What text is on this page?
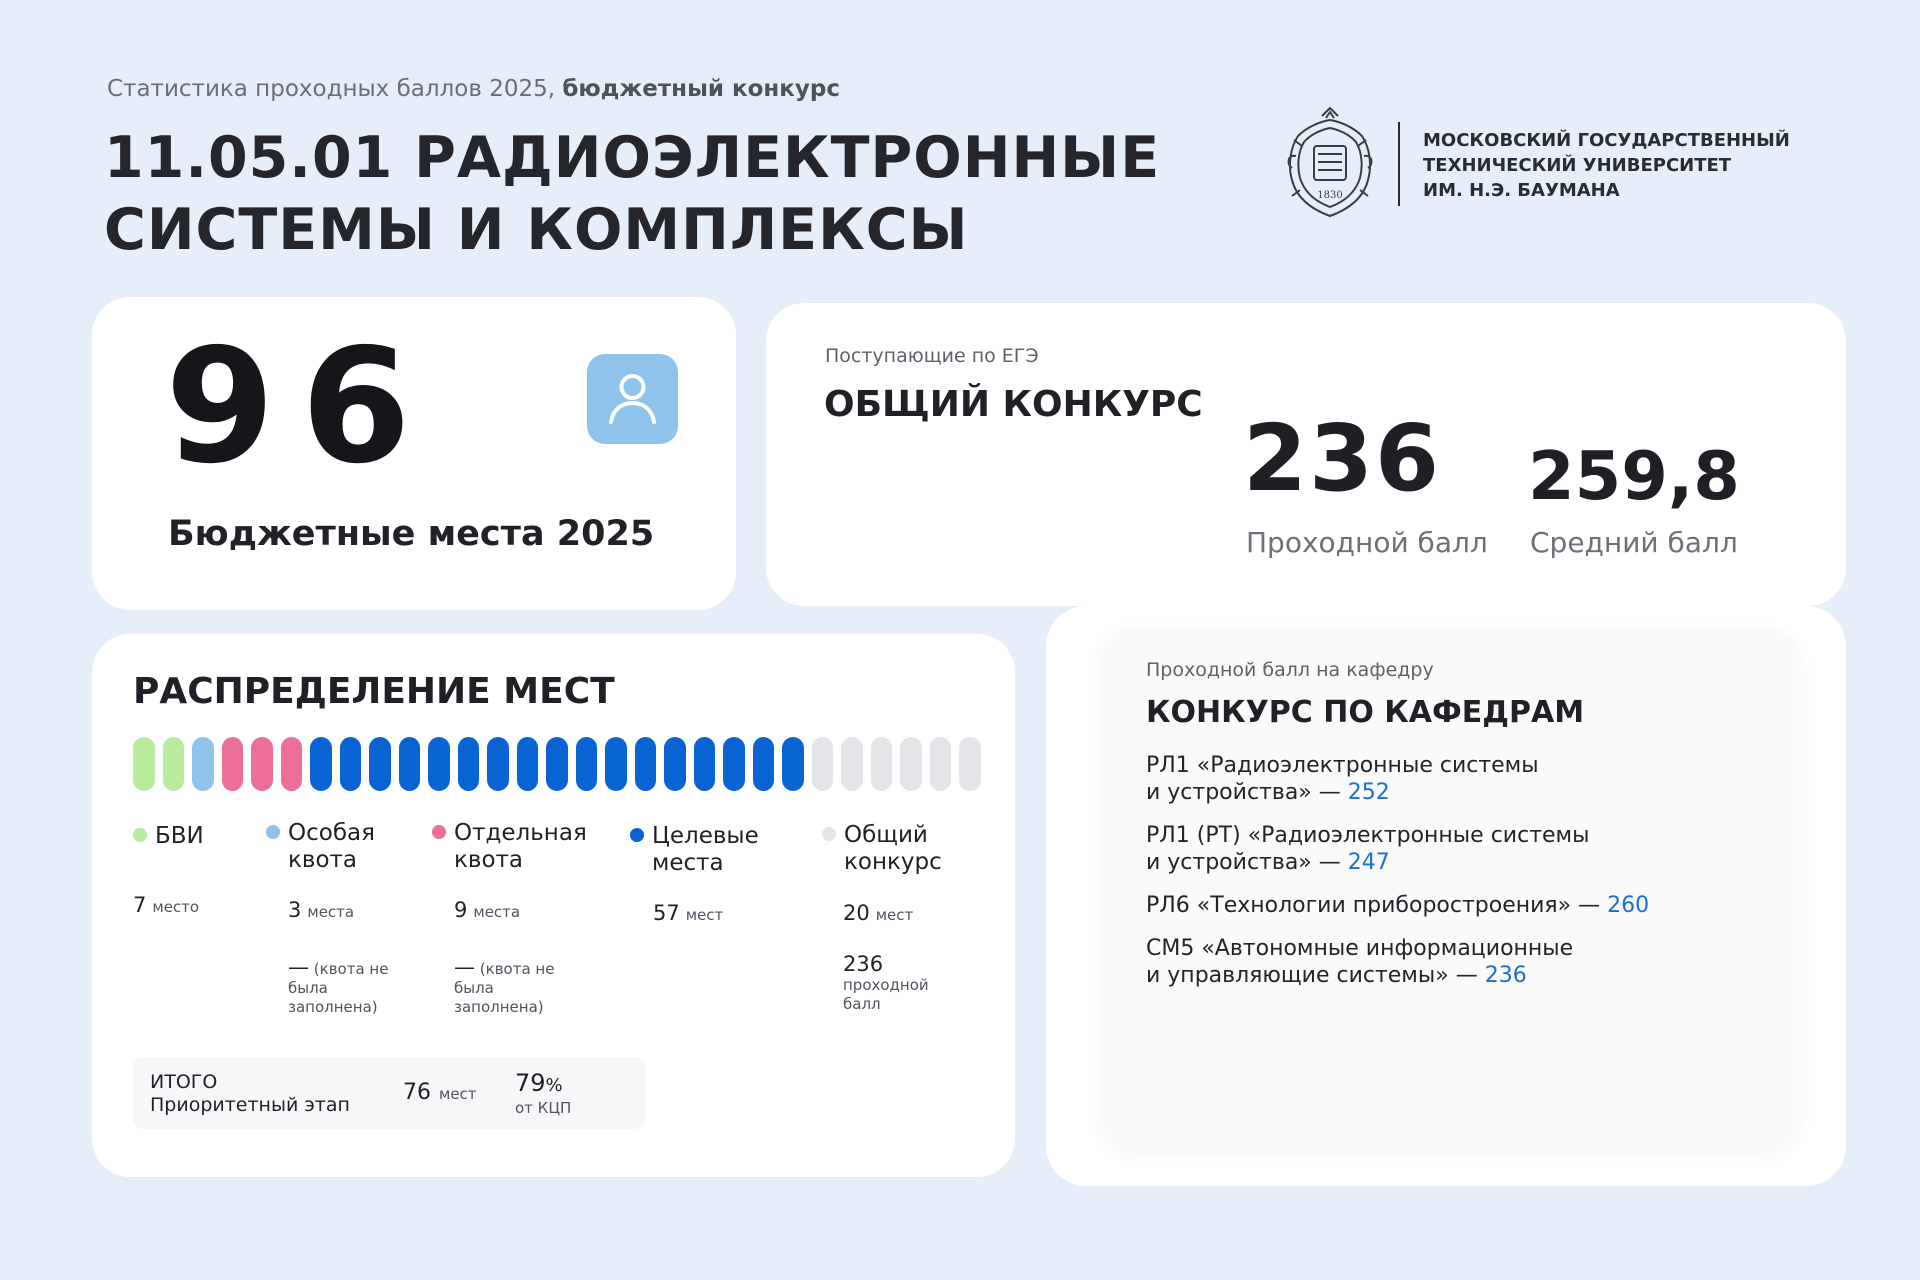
Статистика проходных баллов 2025, бюджетный конкурс
11.05.01 РАДИОЭЛЕКТРОННЫЕ
СИСТЕМЫ И КОМПЛЕКСЫ
1830
МОСКОВСКИЙ ГОСУДАРСТВЕННЫЙ
ТЕХНИЧЕСКИЙ УНИВЕРСИТЕТ
ИМ. Н.Э. БАУМАНА
96
Бюджетные места 2025
Поступающие по ЕГЭ
ОБЩИЙ КОНКУРС
236 259,8
Проходной балл Средний балл
Проходной балл на кафедру
КОНКУРС ПО КАФЕДРАМ
РЛ1 «Радиоэлектронные системы
и устройства» — 252
РЛ1 (РТ) «Радиоэлектронные системы
и устройства» — 247
РЛ6 «Технологии приборостроения» — 260
СМ5 «Автономные информационные
и управляющие системы» — 236
РАСПРЕДЕЛЕНИЕ МЕСТ
БВИ
7 место
Особая
квота
3 места
— (квота не была заполнена)
Отдельная
квота
9 места
— (квота не была заполнена)
Целевые
места
57 мест
Общий
конкурс
20 мест
236
проходной балл
ИТОГО
Приоритетный этап 76 мест 79%
от КЦП
